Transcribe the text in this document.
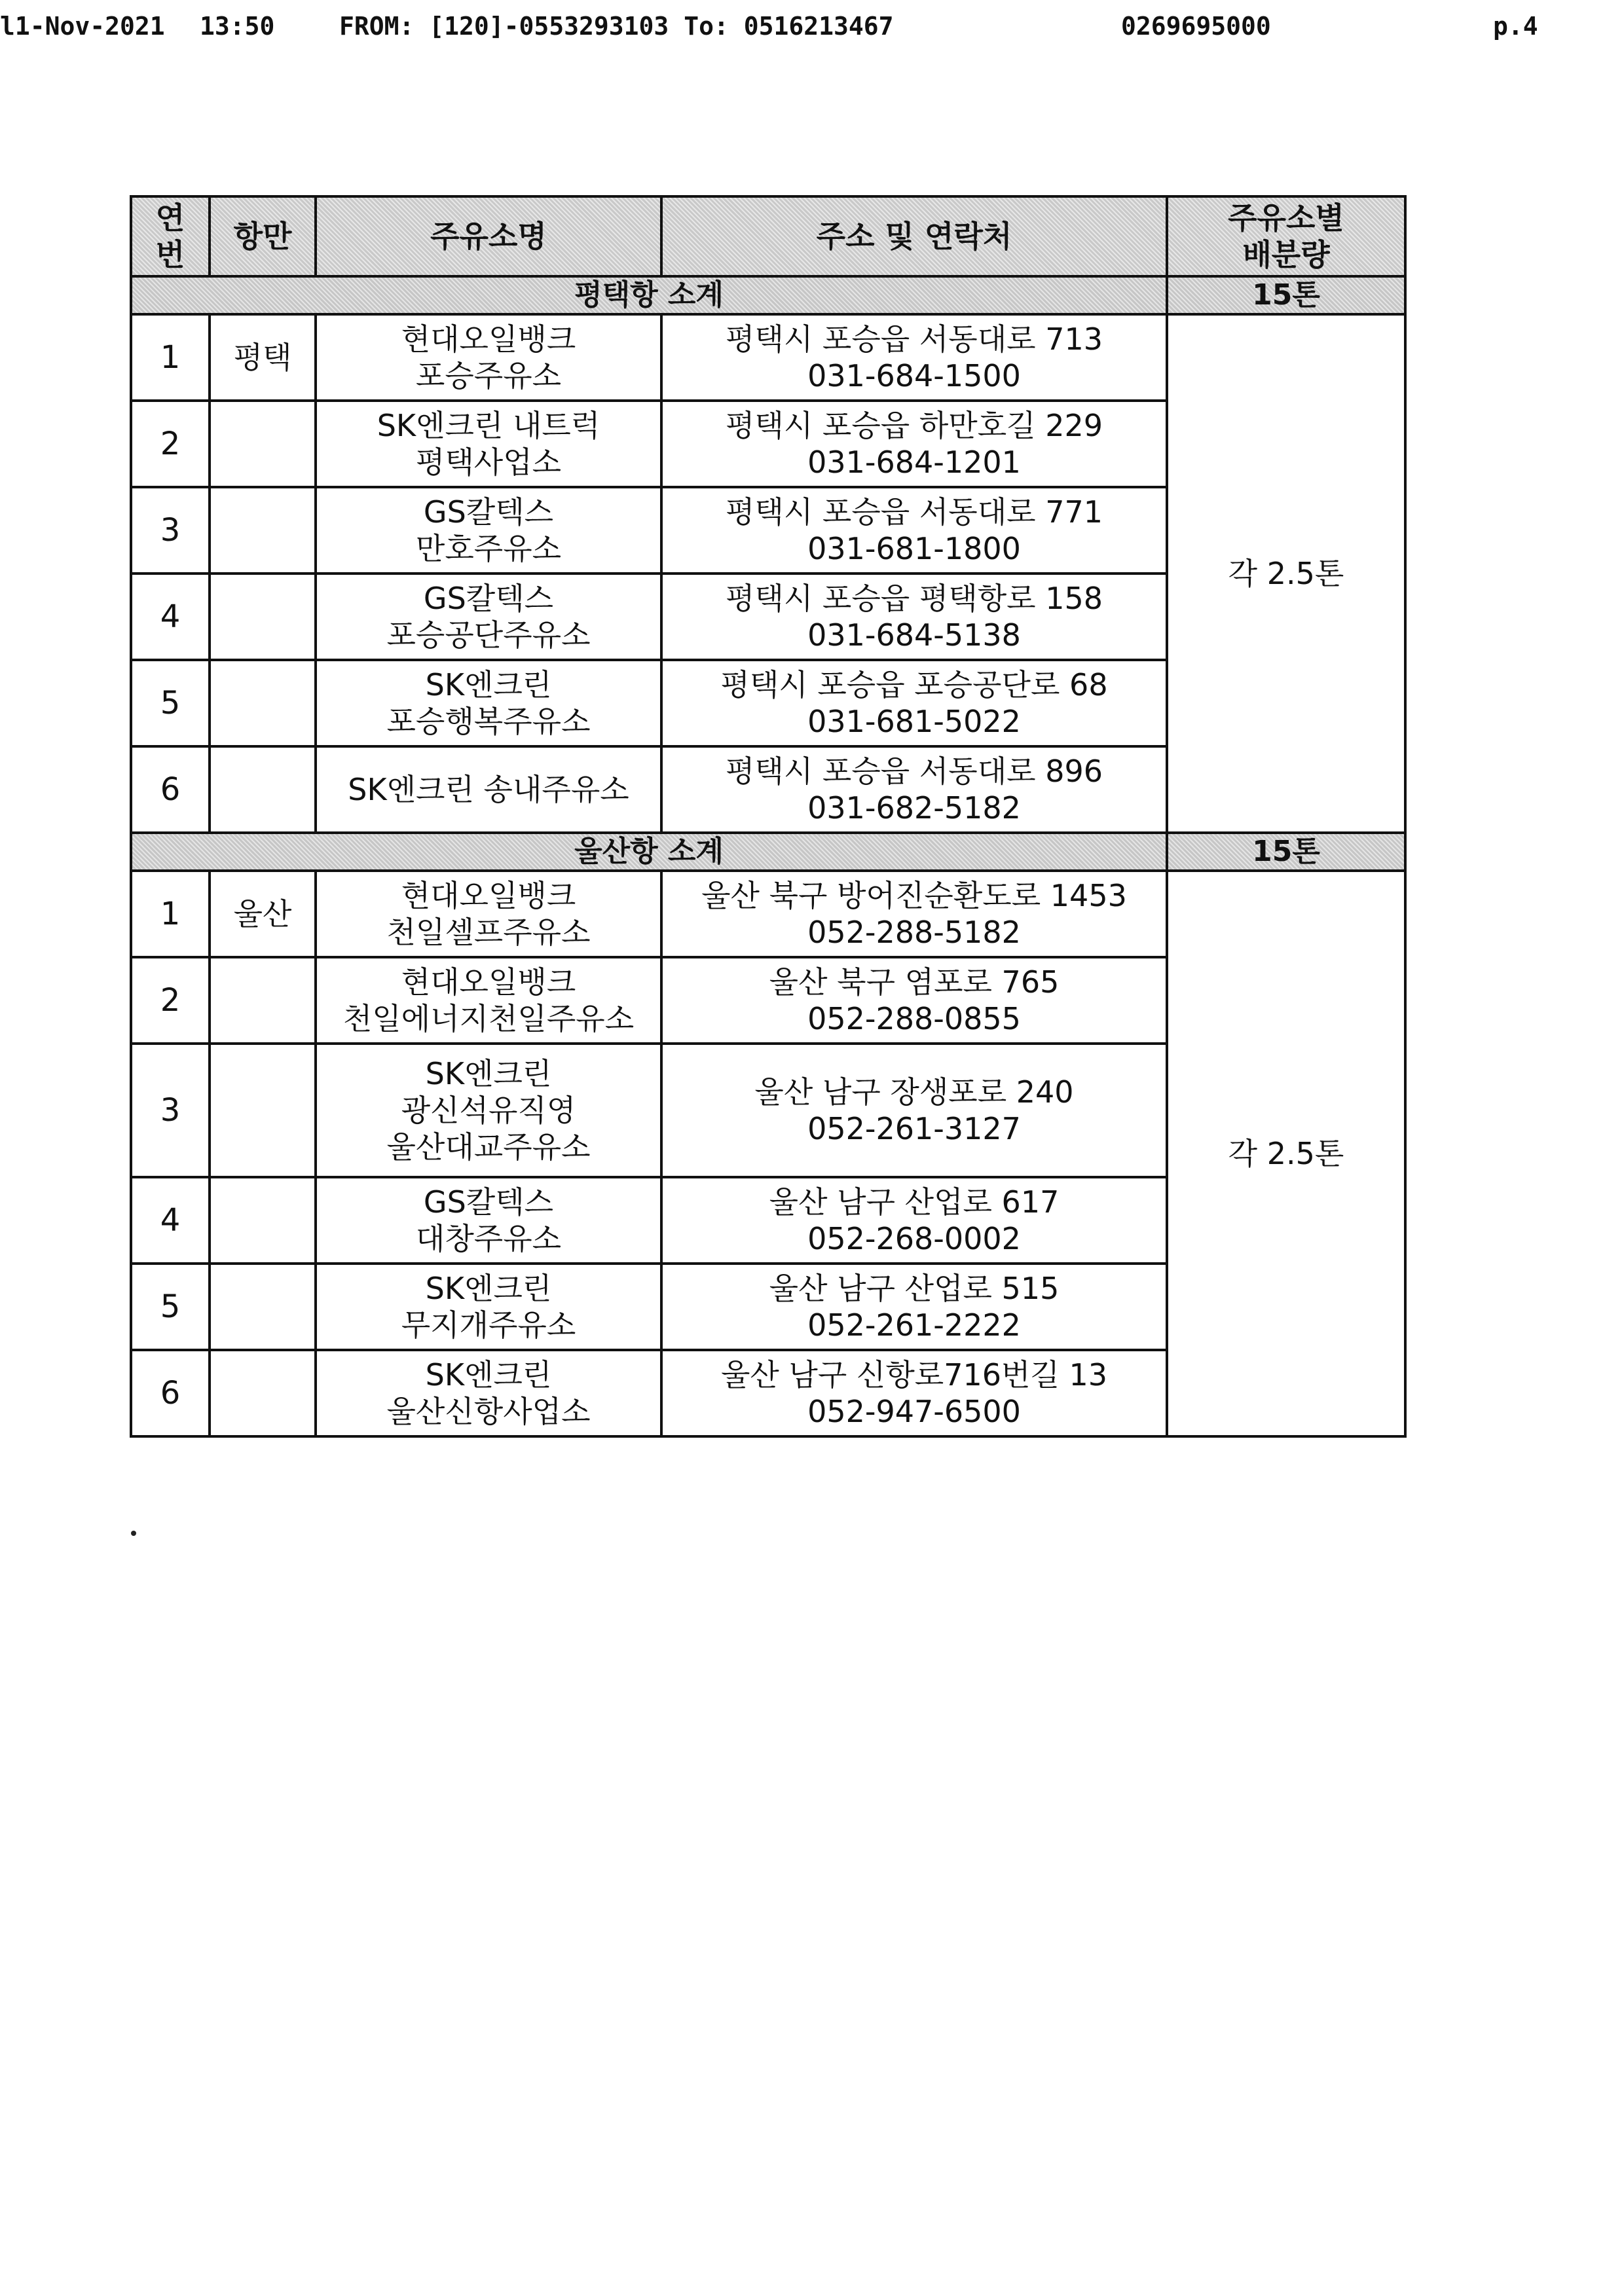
l1-Nov-2021 13:50	FROM: [120]-0553293103 To: 0516213467	0269695000	p.4
연
번	항만	주유소명	주소 및 연락처	주유소별
배분량

평택항 소계				15톤
1	평택	현대오일뱅크
포승주유소	평택시 포승읍 서동대로 713
031-684-1500	각 2.5톤
2		SK엔크린 내트럭
평택사업소	평택시 포승읍 하만호길 229
031-684-1201	

3		GS칼텍스
만호주유소	평택시 포승읍 서동대로 771
031-681-1800	

4		GS칼텍스
포승공단주유소	평택시 포승읍 평택항로 158
031-684-5138	

5		SK엔크린
포승행복주유소	평택시 포승읍 포승공단로 68
031-681-5022	

6		SK엔크린 송내주유소	평택시 포승읍 서동대로 896
031-682-5182	

울산항 소계				15톤
1	울산	현대오일뱅크
천일셀프주유소	울산 북구 방어진순환도로 1453
052-288-5182	각 2.5톤
2		현대오일뱅크
천일에너지천일주유소	울산 북구 염포로 765
052-288-0855	

3		SK엔크린
광신석유직영
울산대교주유소	울산 남구 장생포로 240
052-261-3127	

4		GS칼텍스
대창주유소	울산 남구 산업로 617
052-268-0002	

5		SK엔크린
무지개주유소	울산 남구 산업로 515
052-261-2222	

6		SK엔크린
울산신항사업소	울산 남구 신항로716번길 13
052-947-6500	
